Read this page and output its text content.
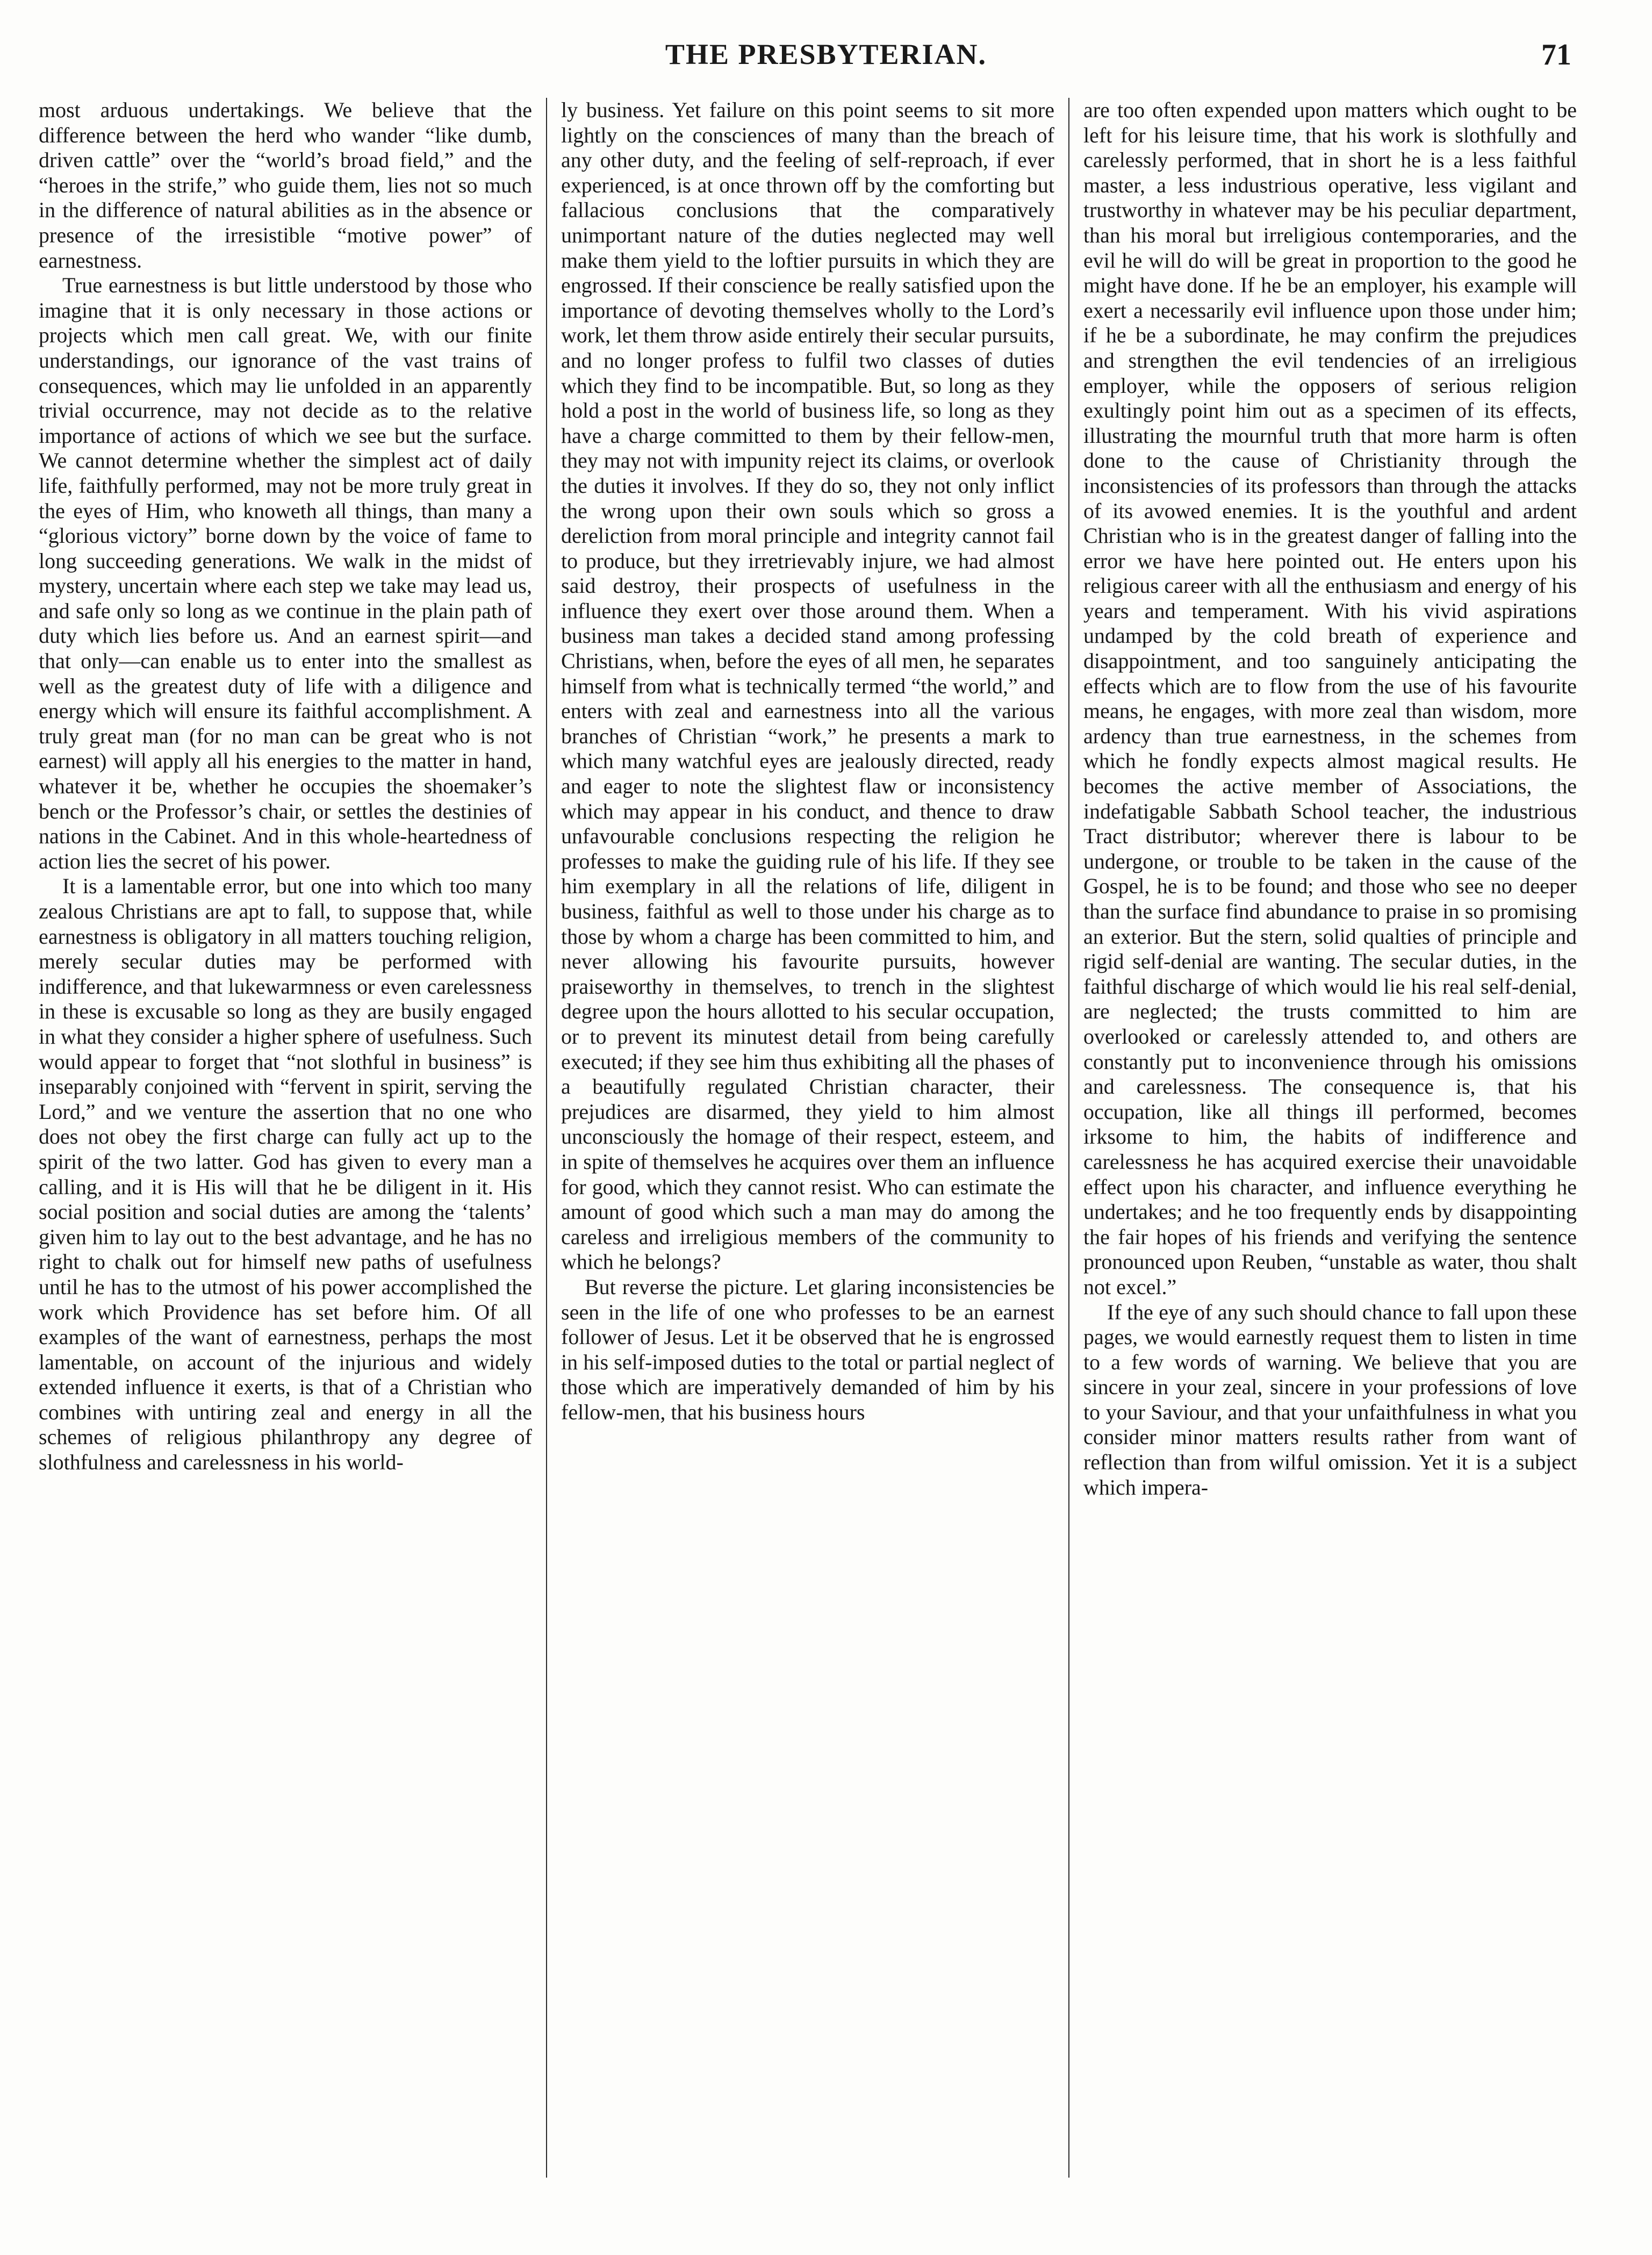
THE PRESBYTERIAN.	71

most arduous undertakings. We believe that the difference between the herd who wander “like dumb, driven cattle” over the “world’s broad field,” and the “heroes in the strife,” who guide them, lies not so much in the difference of natural abilities as in the absence or presence of the irresistible “motive power” of earnestness.

True earnestness is but little understood by those who imagine that it is only necessary in those actions or projects which men call great. We, with our finite understandings, our ignorance of the vast trains of consequences, which may lie unfolded in an apparently trivial occurrence, may not decide as to the relative importance of actions of which we see but the surface. We cannot determine whether the simplest act of daily life, faithfully performed, may not be more truly great in the eyes of Him, who knoweth all things, than many a “glorious victory” borne down by the voice of fame to long succeeding generations. We walk in the midst of mystery, uncertain where each step we take may lead us, and safe only so long as we continue in the plain path of duty which lies before us. And an earnest spirit—and that only—can enable us to enter into the smallest as well as the greatest duty of life with a diligence and energy which will ensure its faithful accomplishment. A truly great man (for no man can be great who is not earnest) will apply all his energies to the matter in hand, whatever it be, whether he occupies the shoemaker’s bench or the Professor’s chair, or settles the destinies of nations in the Cabinet. And in this whole-heartedness of action lies the secret of his power.

It is a lamentable error, but one into which too many zealous Christians are apt to fall, to suppose that, while earnestness is obligatory in all matters touching religion, merely secular duties may be performed with indifference, and that lukewarmness or even carelessness in these is excusable so long as they are busily engaged in what they consider a higher sphere of usefulness. Such would appear to forget that “not slothful in business” is inseparably conjoined with “fervent in spirit, serving the Lord,” and we venture the assertion that no one who does not obey the first charge can fully act up to the spirit of the two latter. God has given to every man a calling, and it is His will that he be diligent in it. His social position and social duties are among the ‘talents’ given him to lay out to the best advantage, and he has no right to chalk out for himself new paths of usefulness until he has to the utmost of his power accomplished the work which Providence has set before him. Of all examples of the want of earnestness, perhaps the most lamentable, on account of the injurious and widely extended influence it exerts, is that of a Christian who combines with untiring zeal and energy in all the schemes of religious philanthropy any degree of slothfulness and carelessness in his world-

ly business. Yet failure on this point seems to sit more lightly on the consciences of many than the breach of any other duty, and the feeling of self-reproach, if ever experienced, is at once thrown off by the comforting but fallacious conclusions that the comparatively unimportant nature of the duties neglected may well make them yield to the loftier pursuits in which they are engrossed. If their conscience be really satisfied upon the importance of devoting themselves wholly to the Lord’s work, let them throw aside entirely their secular pursuits, and no longer profess to fulfil two classes of duties which they find to be incompatible. But, so long as they hold a post in the world of business life, so long as they have a charge committed to them by their fellow-men, they may not with impunity reject its claims, or overlook the duties it involves. If they do so, they not only inflict the wrong upon their own souls which so gross a dereliction from moral principle and integrity cannot fail to produce, but they irretrievably injure, we had almost said destroy, their prospects of usefulness in the influence they exert over those around them. When a business man takes a decided stand among professing Christians, when, before the eyes of all men, he separates himself from what is technically termed “the world,” and enters with zeal and earnestness into all the various branches of Christian “work,” he presents a mark to which many watchful eyes are jealously directed, ready and eager to note the slightest flaw or inconsistency which may appear in his conduct, and thence to draw unfavourable conclusions respecting the religion he professes to make the guiding rule of his life. If they see him exemplary in all the relations of life, diligent in business, faithful as well to those under his charge as to those by whom a charge has been committed to him, and never allowing his favourite pursuits, however praiseworthy in themselves, to trench in the slightest degree upon the hours allotted to his secular occupation, or to prevent its minutest detail from being carefully executed; if they see him thus exhibiting all the phases of a beautifully regulated Christian character, their prejudices are disarmed, they yield to him almost unconsciously the homage of their respect, esteem, and in spite of themselves he acquires over them an influence for good, which they cannot resist. Who can estimate the amount of good which such a man may do among the careless and irreligious members of the community to which he belongs?

But reverse the picture. Let glaring inconsistencies be seen in the life of one who professes to be an earnest follower of Jesus. Let it be observed that he is engrossed in his self-imposed duties to the total or partial neglect of those which are imperatively demanded of him by his fellow-men, that his business hours

are too often expended upon matters which ought to be left for his leisure time, that his work is slothfully and carelessly performed, that in short he is a less faithful master, a less industrious operative, less vigilant and trustworthy in whatever may be his peculiar department, than his moral but irreligious contemporaries, and the evil he will do will be great in proportion to the good he might have done. If he be an employer, his example will exert a necessarily evil influence upon those under him; if he be a subordinate, he may confirm the prejudices and strengthen the evil tendencies of an irreligious employer, while the opposers of serious religion exultingly point him out as a specimen of its effects, illustrating the mournful truth that more harm is often done to the cause of Christianity through the inconsistencies of its professors than through the attacks of its avowed enemies. It is the youthful and ardent Christian who is in the greatest danger of falling into the error we have here pointed out. He enters upon his religious career with all the enthusiasm and energy of his years and temperament. With his vivid aspirations undamped by the cold breath of experience and disappointment, and too sanguinely anticipating the effects which are to flow from the use of his favourite means, he engages, with more zeal than wisdom, more ardency than true earnestness, in the schemes from which he fondly expects almost magical results. He becomes the active member of Associations, the indefatigable Sabbath School teacher, the industrious Tract distributor; wherever there is labour to be undergone, or trouble to be taken in the cause of the Gospel, he is to be found; and those who see no deeper than the surface find abundance to praise in so promising an exterior. But the stern, solid qualties of principle and rigid self-denial are wanting. The secular duties, in the faithful discharge of which would lie his real self-denial, are neglected; the trusts committed to him are overlooked or carelessly attended to, and others are constantly put to inconvenience through his omissions and carelessness. The consequence is, that his occupation, like all things ill performed, becomes irksome to him, the habits of indifference and carelessness he has acquired exercise their unavoidable effect upon his character, and influence everything he undertakes; and he too frequently ends by disappointing the fair hopes of his friends and verifying the sentence pronounced upon Reuben, “unstable as water, thou shalt not excel.”

If the eye of any such should chance to fall upon these pages, we would earnestly request them to listen in time to a few words of warning. We believe that you are sincere in your zeal, sincere in your professions of love to your Saviour, and that your unfaithfulness in what you consider minor matters results rather from want of reflection than from wilful omission. Yet it is a subject which impera-
